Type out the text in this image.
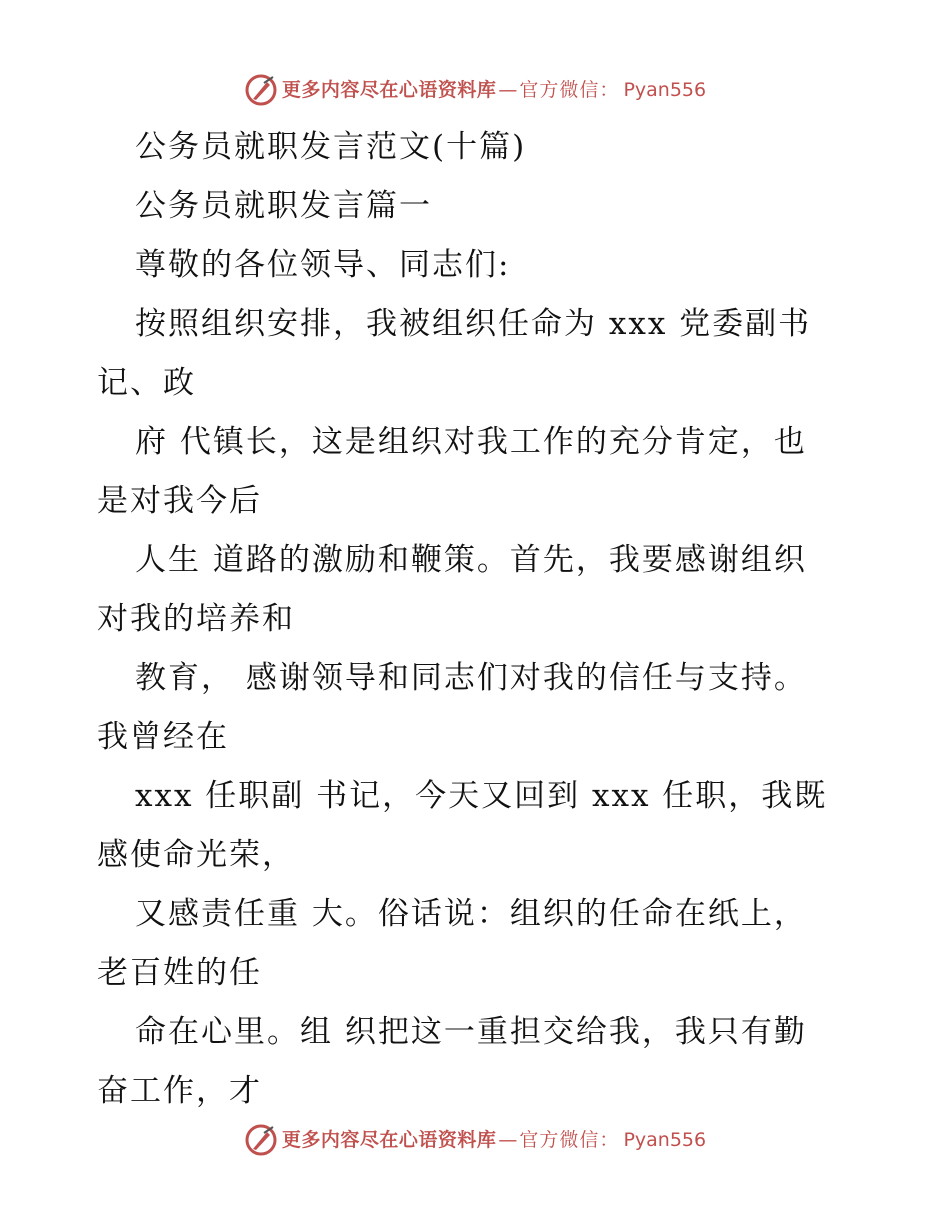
更多内容尽在心语资料库 — 官方微信： Pyan556
公务员就职发言范文(十篇)
公务员就职发言篇一
尊敬的各位领导、同志们:
按照组织安排，我被组织任命为 xxx 党委副书
记、政
府 代镇长，这是组织对我工作的充分肯定，也
是对我今后
人生 道路的激励和鞭策。首先，我要感谢组织
对我的培养和
教育， 感谢领导和同志们对我的信任与支持。
我曾经在
xxx 任职副 书记，今天又回到 xxx 任职，我既
感使命光荣，
又感责任重 大。俗话说：组织的任命在纸上，
老百姓的任
命在心里。组 织把这一重担交给我，我只有勤
奋工作，才
更多内容尽在心语资料库 — 官方微信： Pyan556
